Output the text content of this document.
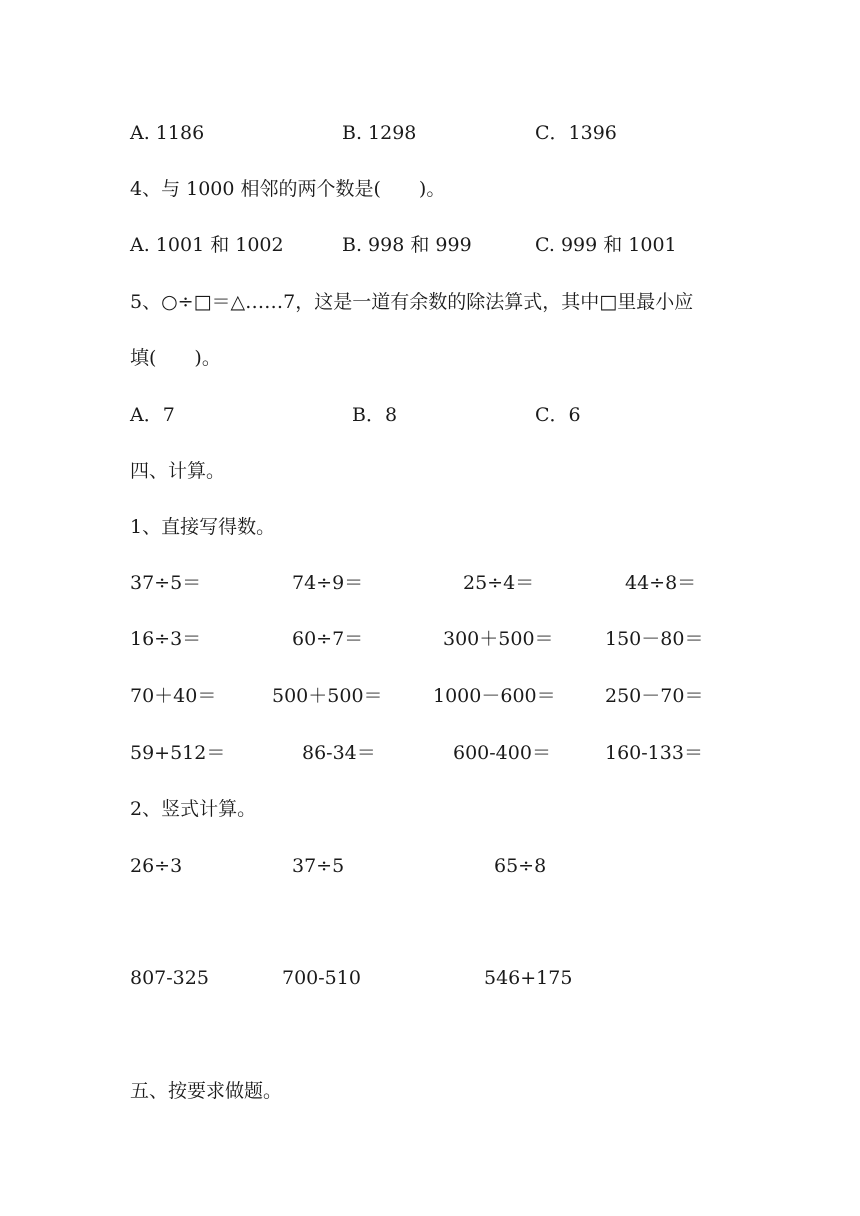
A. 1186	B. 1298	C．1396
4、与 1000 相邻的两个数是(　　)。
A. 1001 和 1002	B. 998 和 999	C. 999 和 1001
5、○÷□＝△……7，这是一道有余数的除法算式，其中□里最小应
填(　　)。
A．7	B．8	C．6
四、计算。
1、直接写得数。
37÷5＝	74÷9＝	25÷4＝	44÷8＝
16÷3＝	60÷7＝	300＋500＝	150－80＝
70＋40＝	500＋500＝	1000－600＝	250－70＝
59+512＝	86-34＝	600-400＝	160-133＝
2、竖式计算。
26÷3	37÷5	65÷8
807-325	700-510	546+175
五、按要求做题。
